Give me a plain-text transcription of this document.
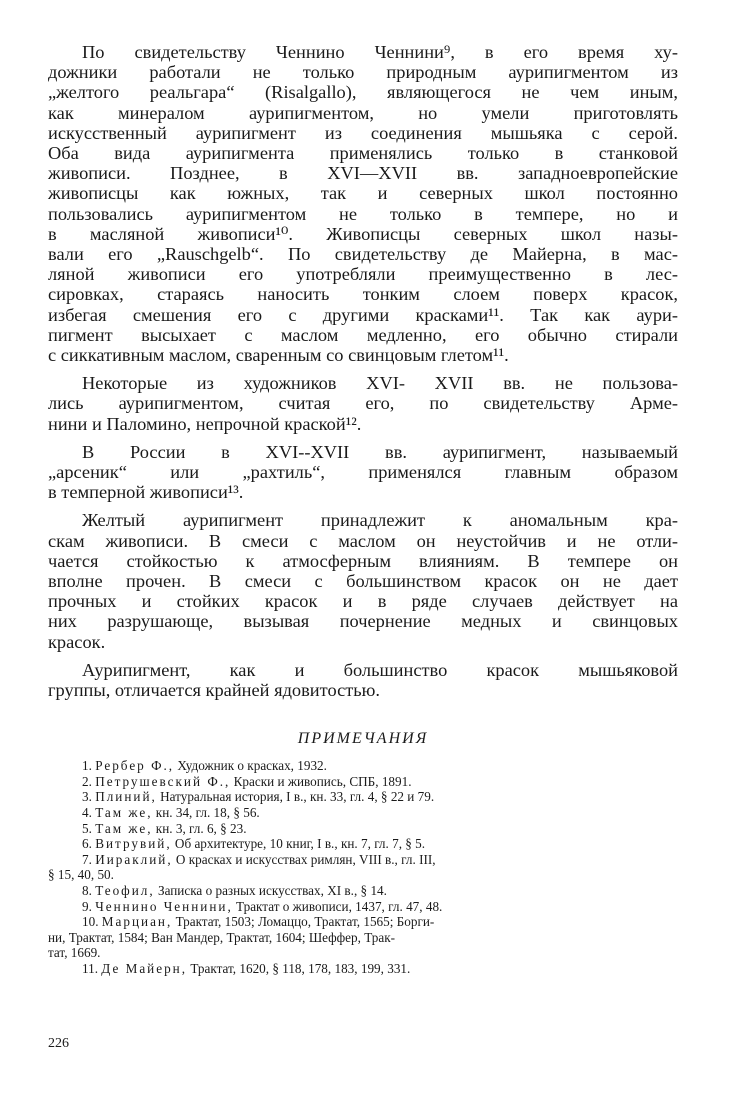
По свидетельству Ченнино Ченнини⁹, в его время ху-
дожники работали не только природным аурипигментом из
„желтого реальгара“ (Risalgallo), являющегося не чем иным,
как минералом аурипигментом, но умели приготовлять
искусственный аурипигмент из соединения мышьяка с серой.
Оба вида аурипигмента применялись только в станковой
живописи. Позднее, в XVI—XVII вв. западноевропейские
живописцы как южных, так и северных школ постоянно
пользовались аурипигментом не только в темпере, но и
в масляной живописи¹⁰. Живописцы северных школ назы-
вали его „Rauschgelb“. По свидетельству де Майерна, в мас-
ляной живописи его употребляли преимущественно в лес-
сировках, стараясь наносить тонким слоем поверх красок,
избегая смешения его с другими красками¹¹. Так как аури-
пигмент высыхает с маслом медленно, его обычно стирали
с сиккативным маслом, сваренным со свинцовым глетом¹¹.
Некоторые из художников XVI- XVII вв. не пользова-
лись аурипигментом, считая его, по свидетельству Арме-
нини и Паломино, непрочной краской¹².
В России в XVI--XVII вв. аурипигмент, называемый
„арсеник“ или „рахтиль“, применялся главным образом
в темперной живописи¹³.
Желтый аурипигмент принадлежит к аномальным кра-
скам живописи. В смеси с маслом он неустойчив и не отли-
чается стойкостью к атмосферным влияниям. В темпере он
вполне прочен. В смеси с большинством красок он не дает
прочных и стойких красок и в ряде случаев действует на
них разрушающе, вызывая почернение медных и свинцовых
красок.
Аурипигмент, как и большинство красок мышьяковой
группы, отличается крайней ядовитостью.
ПРИМЕЧАНИЯ
1. Рербер Ф., Художник о красках, 1932.
2. Петрушевский Ф., Краски и живопись, СПБ, 1891.
3. Плиний, Натуральная история, I в., кн. 33, гл. 4, § 22 и 79.
4. Там же, кн. 34, гл. 18, § 56.
5. Там же, кн. 3, гл. 6, § 23.
6. Витрувий, Об архитектуре, 10 книг, I в., кн. 7, гл. 7, § 5.
7. Иираклий, О красках и искусствах римлян, VIII в., гл. III,
§ 15, 40, 50.
8. Теофил, Записка о разных искусствах, XI в., § 14.
9. Ченнино Ченнини, Трактат о живописи, 1437, гл. 47, 48.
10. Марциан, Трактат, 1503; Ломаццо, Трактат, 1565; Борги-
ни, Трактат, 1584; Ван Мандер, Трактат, 1604; Шеффер, Трак-
тат, 1669.
11. Де Майерн, Трактат, 1620, § 118, 178, 183, 199, 331.
226
